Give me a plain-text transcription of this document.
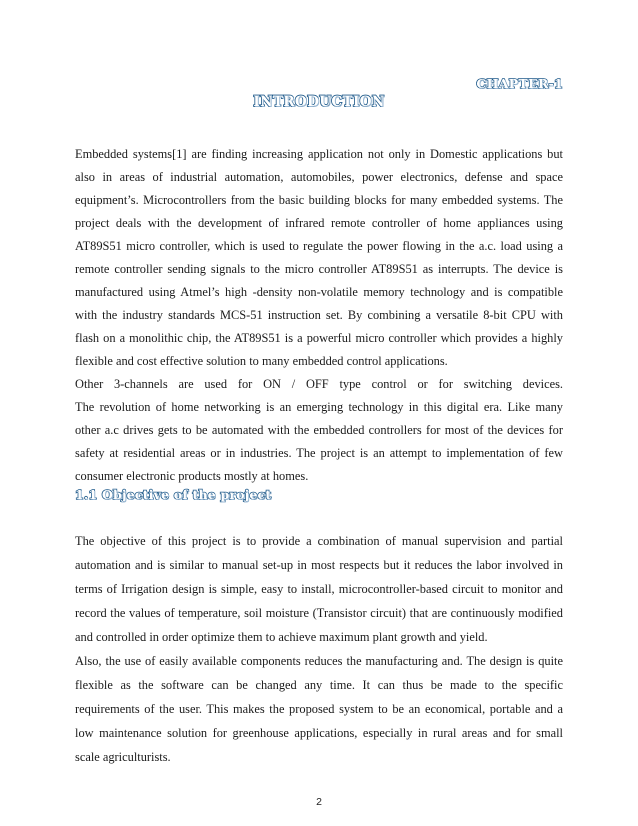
CHAPTER-1
INTRODUCTION
Embedded systems[1] are finding increasing application not only in Domestic applications but
also in areas of industrial automation, automobiles, power electronics, defense and space
equipment’s. Microcontrollers from the basic building blocks for many embedded systems. The
project deals with the development of infrared remote controller of home appliances using
AT89S51 micro controller, which is used to regulate the power flowing in the a.c. load using a
remote controller sending signals to the micro controller AT89S51 as interrupts. The device is
manufactured using Atmel’s high -density non-volatile memory technology and is compatible
with the industry standards MCS-51 instruction set. By combining a versatile 8-bit CPU with
flash on a monolithic chip, the AT89S51 is a powerful micro controller which provides a highly
flexible and cost effective solution to many embedded control applications.
Other 3-channels are used for ON / OFF type control or for switching devices.
The revolution of home networking is an emerging technology in this digital era. Like many
other a.c drives gets to be automated with the embedded controllers for most of the devices for
safety at residential areas or in industries. The project is an attempt to implementation of few
consumer electronic products mostly at homes.
1.1 Objective of the project
The objective of this project is to provide a combination of manual supervision and partial
automation and is similar to manual set-up in most respects but it reduces the labor involved in
terms of Irrigation design is simple, easy to install, microcontroller-based circuit to monitor and
record the values of temperature, soil moisture (Transistor circuit) that are continuously modified
and controlled in order optimize them to achieve maximum plant growth and yield.
Also, the use of easily available components reduces the manufacturing and. The design is quite
flexible as the software can be changed any time. It can thus be made to the specific
requirements of the user. This makes the proposed system to be an economical, portable and a
low maintenance solution for greenhouse applications, especially in rural areas and for small
scale agriculturists.
2
